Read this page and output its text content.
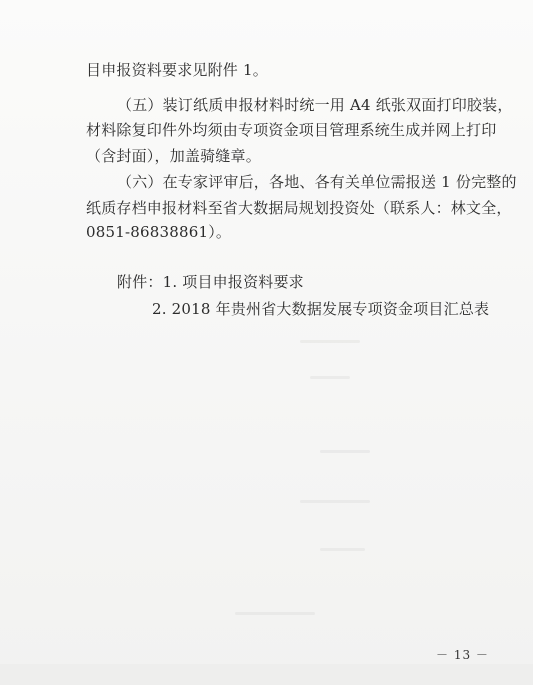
目申报资料要求见附件 1。
（五）装订纸质申报材料时统一用 A4 纸张双面打印胶装，
材料除复印件外均须由专项资金项目管理系统生成并网上打印
（含封面），加盖骑缝章。
（六）在专家评审后，各地、各有关单位需报送 1 份完整的
纸质存档申报材料至省大数据局规划投资处（联系人：林文全，
0851-86838861）。
附件：1. 项目申报资料要求
2. 2018 年贵州省大数据发展专项资金项目汇总表
－ 13 －
